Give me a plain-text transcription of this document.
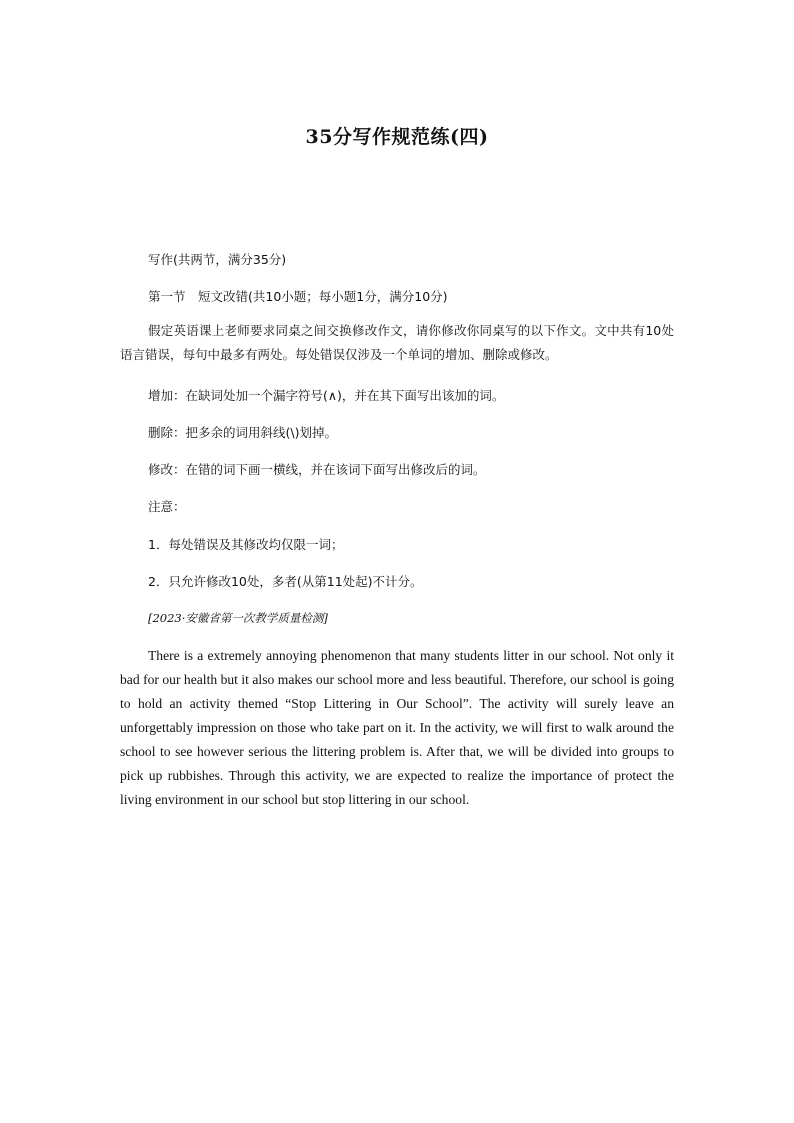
35分写作规范练(四)
写作(共两节，满分35分)
第一节　短文改错(共10小题；每小题1分，满分10分)

假定英语课上老师要求同桌之间交换修改作文，请你修改你同桌写的以下作文。文中共有10处语言错误，每句中最多有两处。每处错误仅涉及一个单词的增加、删除或修改。

增加：在缺词处加一个漏字符号(∧)，并在其下面写出该加的词。
删除：把多余的词用斜线(\)划掉。
修改：在错的词下画一横线，并在该词下面写出修改后的词。
注意：
1．每处错误及其修改均仅限一词；
2．只允许修改10处，多者(从第11处起)不计分。
[2023·安徽省第一次教学质量检测]

There is a extremely annoying phenomenon that many students litter in our school. Not only it bad for our health but it also makes our school more and less beautiful. Therefore, our school is going to hold an activity themed “Stop Littering in Our School”. The activity will surely leave an unforgettably impression on those who take part on it. In the activity, we will first to walk around the school to see however serious the littering problem is. After that, we will be divided into groups to pick up rubbishes. Through this activity, we are expected to realize the importance of protect the living environment in our school but stop littering in our school.
